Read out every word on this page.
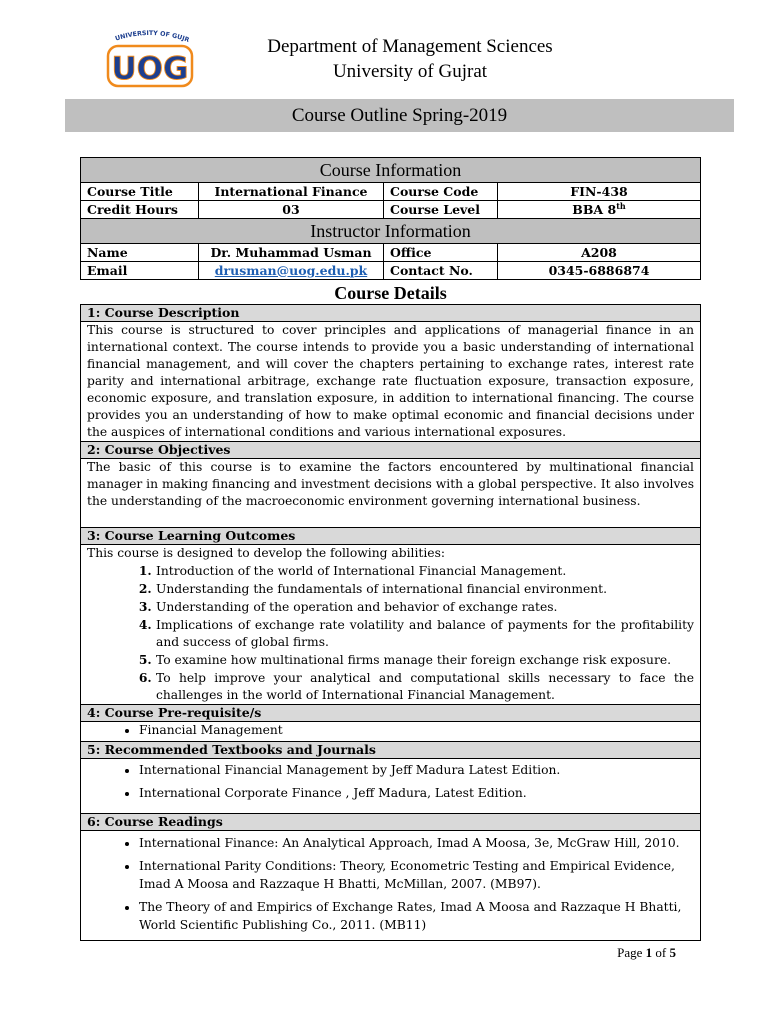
UNIVERSITY OF GUJR
UOG
Department of Management Sciences
University of Gujrat
Course Outline Spring-2019
Course Information			
Course Title	International Finance	Course Code	FIN-438
Credit Hours	03	Course Level	BBA 8th
Instructor Information			
Name	Dr. Muhammad Usman	Office	A208
Email	drusman@uog.edu.pk	Contact No.	0345-6886874
Course Details
1: Course Description
This course is structured to cover principles and applications of managerial finance in an international context. The course intends to provide you a basic understanding of international financial management, and will cover the chapters pertaining to exchange rates, interest rate parity and international arbitrage, exchange rate fluctuation exposure, transaction exposure, economic exposure, and translation exposure, in addition to international financing. The course provides you an understanding of how to make optimal economic and financial decisions under the auspices of international conditions and various international exposures.
2: Course Objectives
The basic of this course is to examine the factors encountered by multinational financial manager in making financing and investment decisions with a global perspective. It also involves the understanding of the macroeconomic environment governing international business.
3: Course Learning Outcomes

This course is designed to develop the following abilities:
1. Introduction of the world of International Financial Management.
2. Understanding the fundamentals of international financial environment.
3. Understanding of the operation and behavior of exchange rates.
4. Implications of exchange rate volatility and balance of payments for the profitability and success of global firms.
5. To examine how multinational firms manage their foreign exchange risk exposure.
6. To help improve your analytical and computational skills necessary to face the challenges in the world of International Financial Management.

4: Course Pre-requisite/s

• Financial Management

5: Recommended Textbooks and Journals

• International Financial Management by Jeff Madura Latest Edition.
• International Corporate Finance , Jeff Madura, Latest Edition.

6: Course Readings

• International Finance: An Analytical Approach, Imad A Moosa, 3e, McGraw Hill, 2010.
• International Parity Conditions: Theory, Econometric Testing and Empirical Evidence, Imad A Moosa and Razzaque H Bhatti, McMillan, 2007. (MB97).
• The Theory of and Empirics of Exchange Rates, Imad A Moosa and Razzaque H Bhatti, World Scientific Publishing Co., 2011. (MB11)
Page 1 of 5
